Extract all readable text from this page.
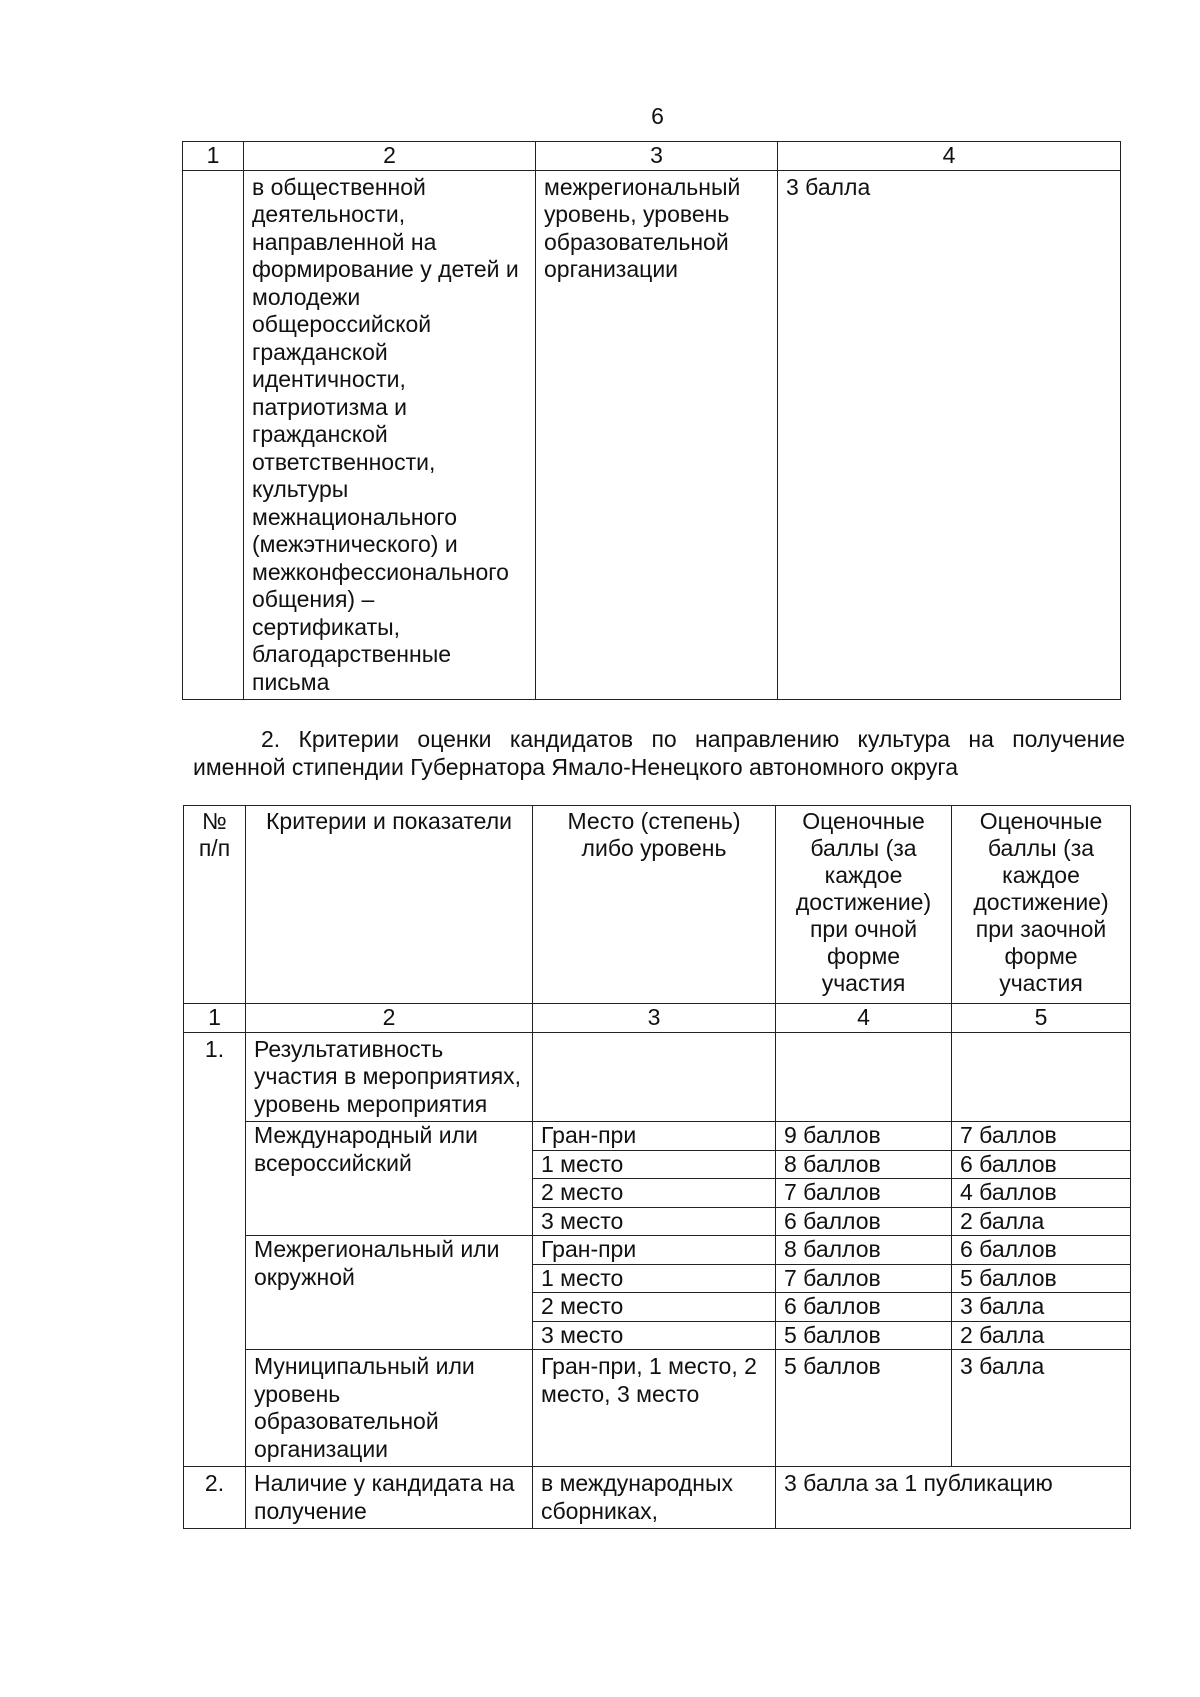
6
1	2	3	4
	в общественной деятельности, направленной на формирование у детей и молодежи общероссийской гражданской идентичности, патриотизма и гражданской ответственности, культуры межнационального (межэтнического) и межконфессионального общения) – сертификаты, благодарственные письма	межрегиональный уровень, уровень образовательной организации	3 балла

2. Критерии оценки кандидатов по направлению культура на получение именной стипендии Губернатора Ямало-Ненецкого автономного округа

№ п/п	Критерии и показатели	Место (степень) либо уровень	Оценочные баллы (за каждое достижение) при очной форме участия	Оценочные баллы (за каждое достижение) при заочной форме участия
1	2	3	4	5
1.	Результативность участия в мероприятиях, уровень мероприятия			
	Международный или всероссийский	Гран-при	9 баллов	7 баллов
		1 место	8 баллов	6 баллов
		2 место	7 баллов	4 баллов
		3 место	6 баллов	2 балла
	Межрегиональный или окружной	Гран-при	8 баллов	6 баллов
		1 место	7 баллов	5 баллов
		2 место	6 баллов	3 балла
		3 место	5 баллов	2 балла
	Муниципальный или уровень образовательной организации	Гран-при, 1 место, 2 место, 3 место	5 баллов	3 балла
2.	Наличие у кандидата на получение	в международных сборниках,	3 балла за 1 публикацию	
